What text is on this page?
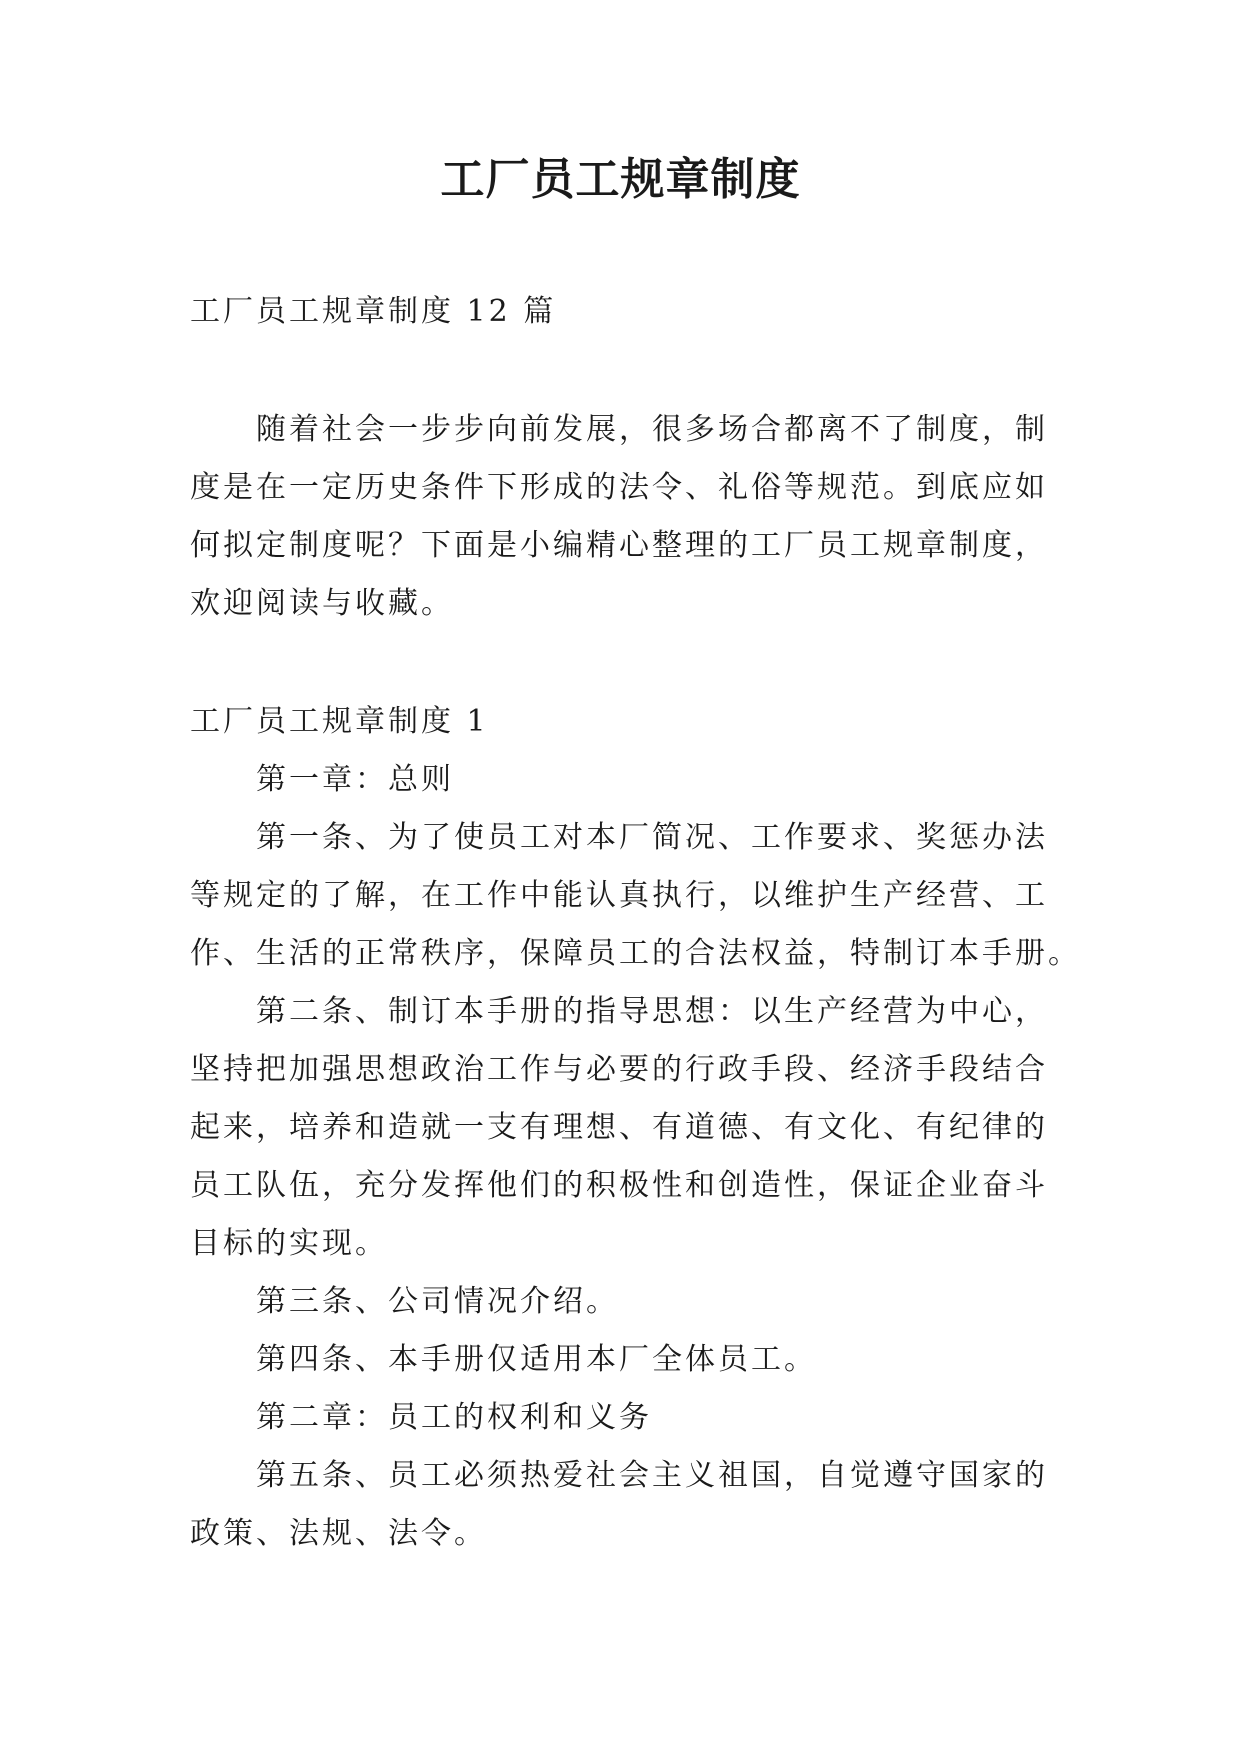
工厂员工规章制度
工厂员工规章制度 12 篇
随着社会一步步向前发展，很多场合都离不了制度，制
度是在一定历史条件下形成的法令、礼俗等规范。到底应如
何拟定制度呢？下面是小编精心整理的工厂员工规章制度，
欢迎阅读与收藏。
工厂员工规章制度 1
第一章：总则
第一条、为了使员工对本厂简况、工作要求、奖惩办法
等规定的了解，在工作中能认真执行，以维护生产经营、工
作、生活的正常秩序，保障员工的合法权益，特制订本手册。
第二条、制订本手册的指导思想：以生产经营为中心，
坚持把加强思想政治工作与必要的行政手段、经济手段结合
起来，培养和造就一支有理想、有道德、有文化、有纪律的
员工队伍，充分发挥他们的积极性和创造性，保证企业奋斗
目标的实现。
第三条、公司情况介绍。
第四条、本手册仅适用本厂全体员工。
第二章：员工的权利和义务
第五条、员工必须热爱社会主义祖国，自觉遵守国家的
政策、法规、法令。
